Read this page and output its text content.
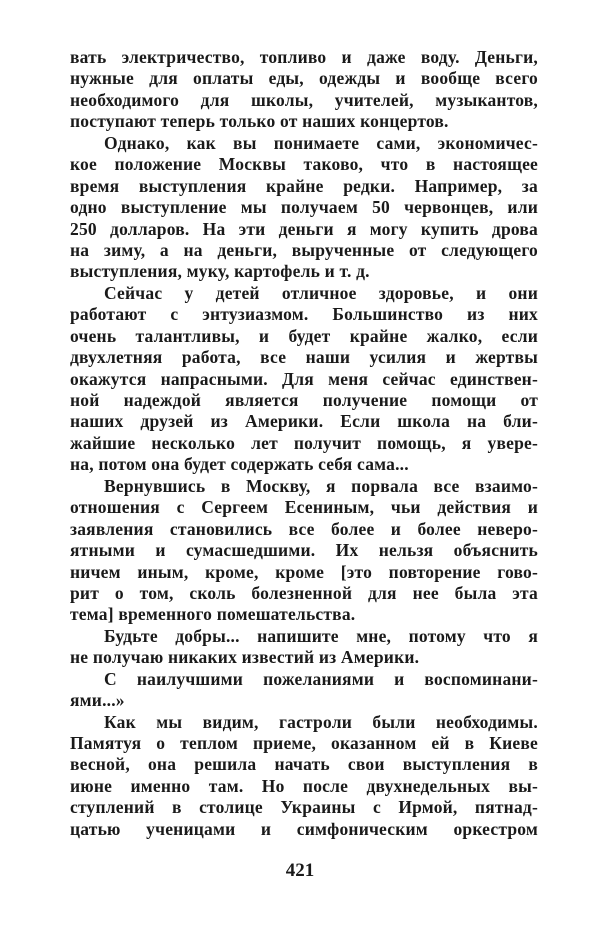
вать электричество, топливо и даже воду. Деньги,
нужные для оплаты еды, одежды и вообще всего
необходимого для школы, учителей, музыкантов,
поступают теперь только от наших концертов.
Однако, как вы понимаете сами, экономичес-
кое положение Москвы таково, что в настоящее
время выступления крайне редки. Например, за
одно выступление мы получаем 50 червонцев, или
250 долларов. На эти деньги я могу купить дрова
на зиму, а на деньги, вырученные от следующего
выступления, муку, картофель и т. д.
Сейчас у детей отличное здоровье, и они
работают с энтузиазмом. Большинство из них
очень талантливы, и будет крайне жалко, если
двухлетняя работа, все наши усилия и жертвы
окажутся напрасными. Для меня сейчас единствен-
ной надеждой является получение помощи от
наших друзей из Америки. Если школа на бли-
жайшие несколько лет получит помощь, я увере-
на, потом она будет содержать себя сама...
Вернувшись в Москву, я порвала все взаимо-
отношения с Сергеем Есениным, чьи действия и
заявления становились все более и более неверо-
ятными и сумасшедшими. Их нельзя объяснить
ничем иным, кроме, кроме [это повторение гово-
рит о том, сколь болезненной для нее была эта
тема] временного помешательства.
Будьте добры... напишите мне, потому что я
не получаю никаких известий из Америки.
С наилучшими пожеланиями и воспоминани-
ями...»
Как мы видим, гастроли были необходимы.
Памятуя о теплом приеме, оказанном ей в Киеве
весной, она решила начать свои выступления в
июне именно там. Но после двухнедельных вы-
ступлений в столице Украины с Ирмой, пятнад-
цатью ученицами и симфоническим оркестром
421
